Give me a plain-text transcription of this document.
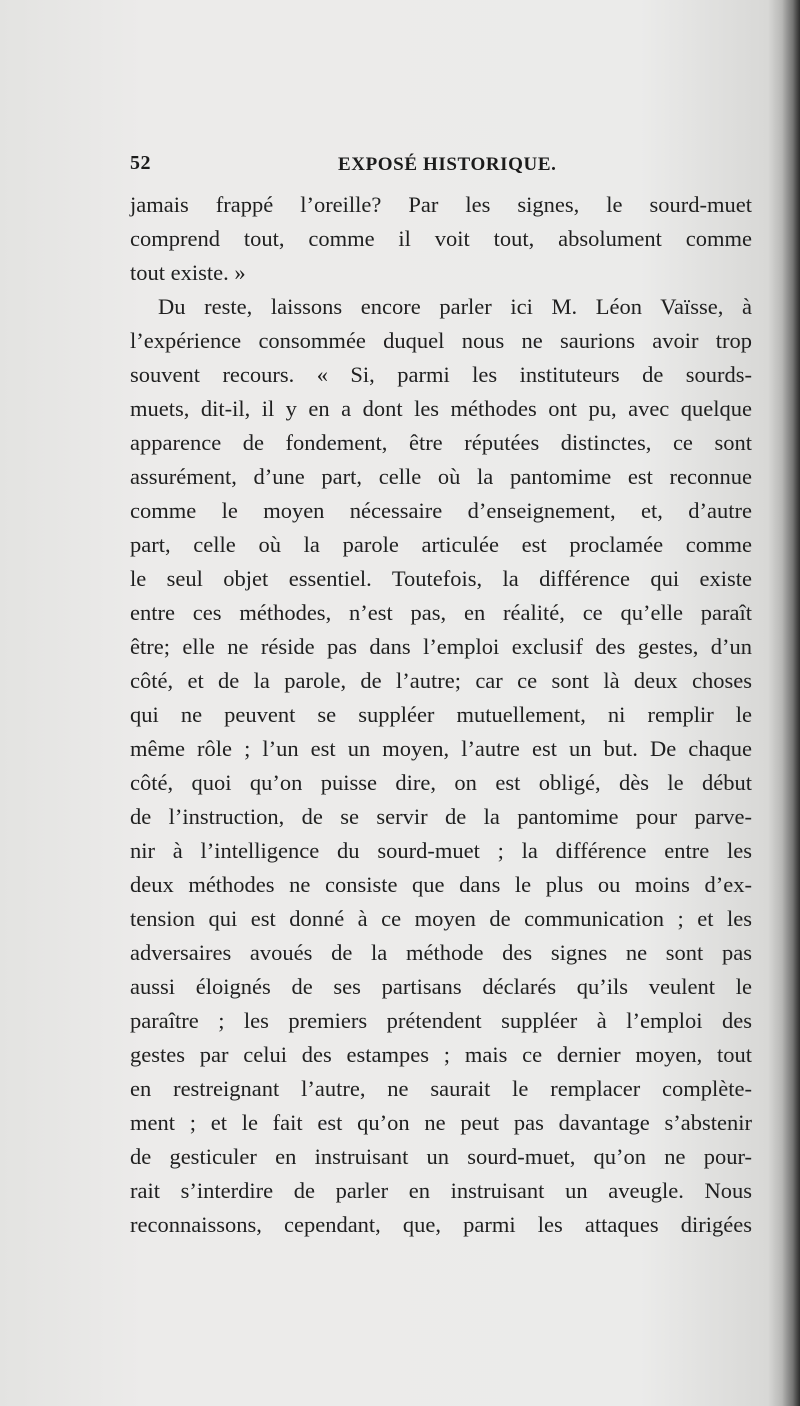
52	EXPOSÉ HISTORIQUE.
jamais frappé l’oreille? Par les signes, le sourd-muet
comprend tout, comme il voit tout, absolument comme
tout existe. »
Du reste, laissons encore parler ici M. Léon Vaïsse, à
l’expérience consommée duquel nous ne saurions avoir trop
souvent recours. « Si, parmi les instituteurs de sourds-
muets, dit-il, il y en a dont les méthodes ont pu, avec quelque
apparence de fondement, être réputées distinctes, ce sont
assurément, d’une part, celle où la pantomime est reconnue
comme le moyen nécessaire d’enseignement, et, d’autre
part, celle où la parole articulée est proclamée comme
le seul objet essentiel. Toutefois, la différence qui existe
entre ces méthodes, n’est pas, en réalité, ce qu’elle paraît
être; elle ne réside pas dans l’emploi exclusif des gestes, d’un
côté, et de la parole, de l’autre; car ce sont là deux choses
qui ne peuvent se suppléer mutuellement, ni remplir le
même rôle ; l’un est un moyen, l’autre est un but. De chaque
côté, quoi qu’on puisse dire, on est obligé, dès le début
de l’instruction, de se servir de la pantomime pour parve-
nir à l’intelligence du sourd-muet ; la différence entre les
deux méthodes ne consiste que dans le plus ou moins d’ex-
tension qui est donné à ce moyen de communication ; et les
adversaires avoués de la méthode des signes ne sont pas
aussi éloignés de ses partisans déclarés qu’ils veulent le
paraître ; les premiers prétendent suppléer à l’emploi des
gestes par celui des estampes ; mais ce dernier moyen, tout
en restreignant l’autre, ne saurait le remplacer complète-
ment ; et le fait est qu’on ne peut pas davantage s’abstenir
de gesticuler en instruisant un sourd-muet, qu’on ne pour-
rait s’interdire de parler en instruisant un aveugle. Nous
reconnaissons, cependant, que, parmi les attaques dirigées
